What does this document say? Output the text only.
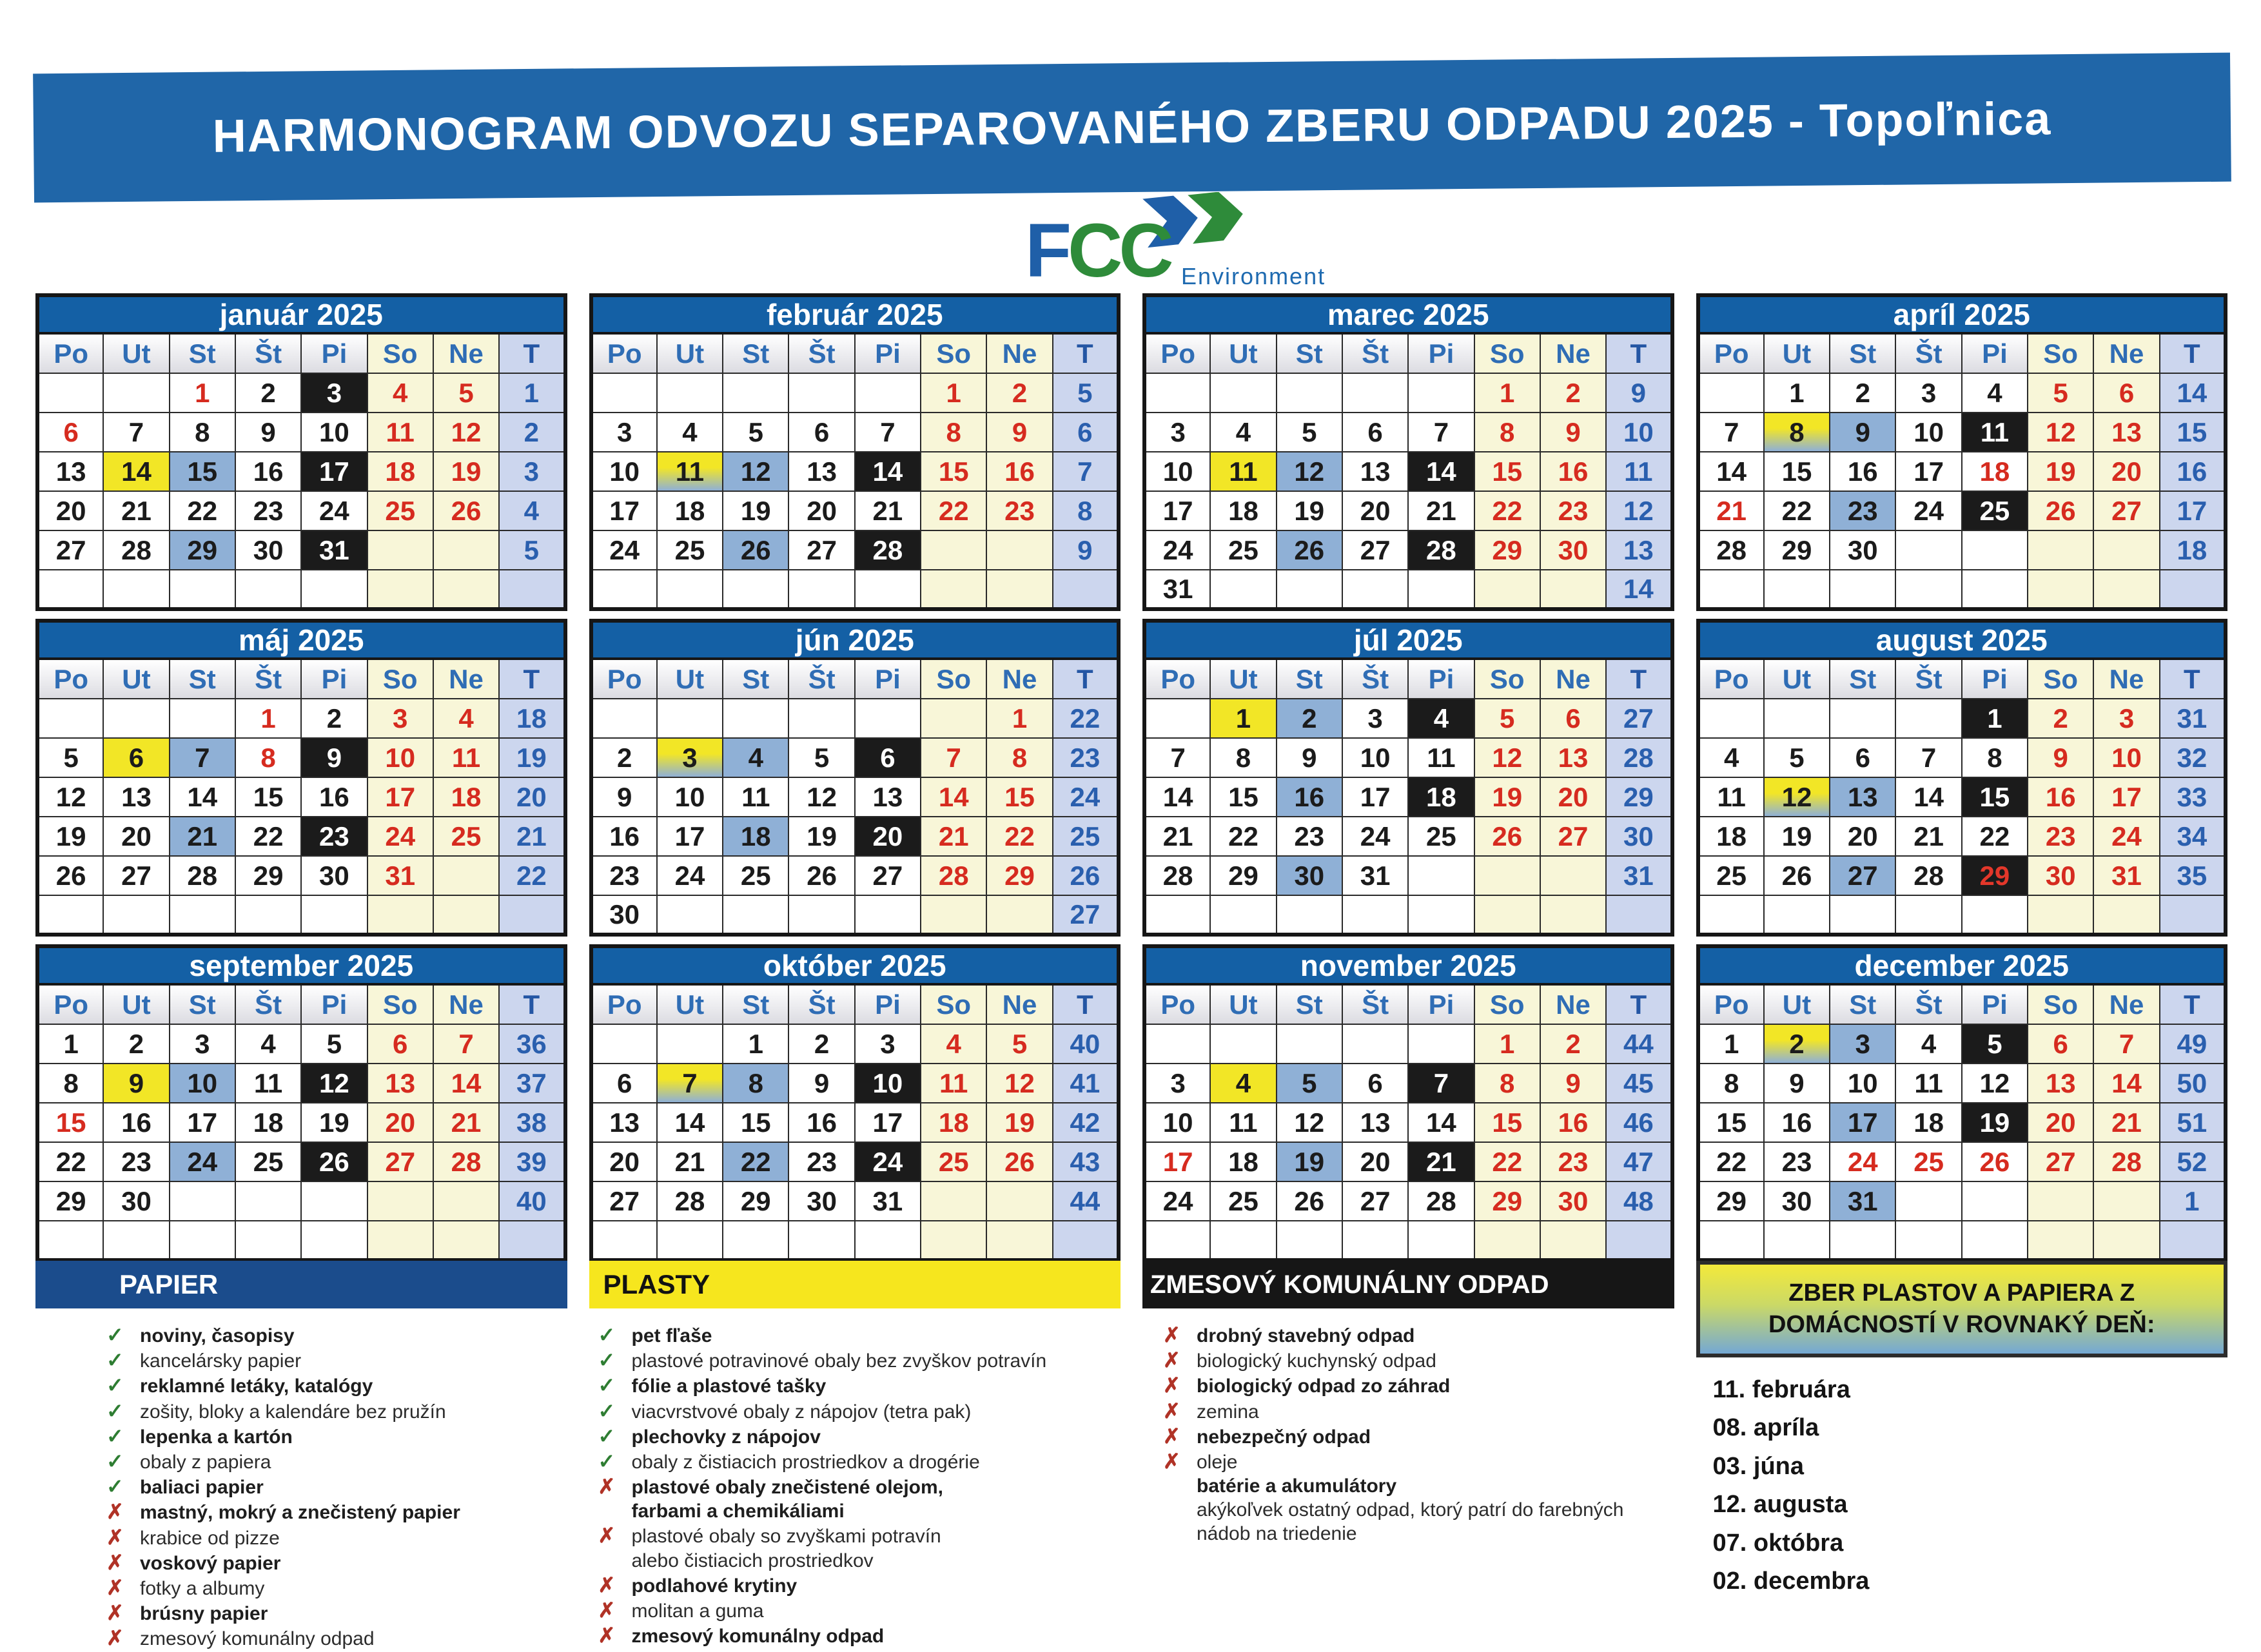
HARMONOGRAM ODVOZU SEPAROVANÉHO ZBERU ODPADU 2025 - Topoľnica
FCC Environment
január 2025							
Po	Ut	St	Št	Pi	So	Ne	T
		1	2	3	4	5	1
6	7	8	9	10	11	12	2
13	14	15	16	17	18	19	3
20	21	22	23	24	25	26	4
27	28	29	30	31			5

február 2025							
Po	Ut	St	Št	Pi	So	Ne	T
					1	2	5
3	4	5	6	7	8	9	6
10	11	12	13	14	15	16	7
17	18	19	20	21	22	23	8
24	25	26	27	28			9

marec 2025							
Po	Ut	St	Št	Pi	So	Ne	T
					1	2	9
3	4	5	6	7	8	9	10
10	11	12	13	14	15	16	11
17	18	19	20	21	22	23	12
24	25	26	27	28	29	30	13
31							14
apríl 2025							
Po	Ut	St	Št	Pi	So	Ne	T
	1	2	3	4	5	6	14
7	8	9	10	11	12	13	15
14	15	16	17	18	19	20	16
21	22	23	24	25	26	27	17
28	29	30					18

máj 2025							
Po	Ut	St	Št	Pi	So	Ne	T
			1	2	3	4	18
5	6	7	8	9	10	11	19
12	13	14	15	16	17	18	20
19	20	21	22	23	24	25	21
26	27	28	29	30	31		22

jún 2025							
Po	Ut	St	Št	Pi	So	Ne	T
						1	22
2	3	4	5	6	7	8	23
9	10	11	12	13	14	15	24
16	17	18	19	20	21	22	25
23	24	25	26	27	28	29	26
30							27
júl 2025							
Po	Ut	St	Št	Pi	So	Ne	T
	1	2	3	4	5	6	27
7	8	9	10	11	12	13	28
14	15	16	17	18	19	20	29
21	22	23	24	25	26	27	30
28	29	30	31				31

august 2025							
Po	Ut	St	Št	Pi	So	Ne	T
				1	2	3	31
4	5	6	7	8	9	10	32
11	12	13	14	15	16	17	33
18	19	20	21	22	23	24	34
25	26	27	28	29	30	31	35

september 2025							
Po	Ut	St	Št	Pi	So	Ne	T
1	2	3	4	5	6	7	36
8	9	10	11	12	13	14	37
15	16	17	18	19	20	21	38
22	23	24	25	26	27	28	39
29	30						40

október 2025							
Po	Ut	St	Št	Pi	So	Ne	T
		1	2	3	4	5	40
6	7	8	9	10	11	12	41
13	14	15	16	17	18	19	42
20	21	22	23	24	25	26	43
27	28	29	30	31			44

november 2025							
Po	Ut	St	Št	Pi	So	Ne	T
					1	2	44
3	4	5	6	7	8	9	45
10	11	12	13	14	15	16	46
17	18	19	20	21	22	23	47
24	25	26	27	28	29	30	48

december 2025							
Po	Ut	St	Št	Pi	So	Ne	T
1	2	3	4	5	6	7	49
8	9	10	11	12	13	14	50
15	16	17	18	19	20	21	51
22	23	24	25	26	27	28	52
29	30	31					1

PAPIER
✓ noviny, časopisy
✓ kancelársky papier
✓ reklamné letáky, katalógy
✓ zošity, bloky a kalendáre bez pružín
✓ lepenka a kartón
✓ obaly z papiera
✓ baliaci papier
✗ mastný, mokrý a znečistený papier
✗ krabice od pizze
✗ voskový papier
✗ fotky a albumy
✗ brúsny papier
✗ zmesový komunálny odpad
PLASTY
✓ pet fľaše
✓ plastové potravinové obaly bez zvyškov potravín
✓ fólie a plastové tašky
✓ viacvrstvové obaly z nápojov (tetra pak)
✓ plechovky z nápojov
✓ obaly z čistiacich prostriedkov a drogérie
✗ plastové obaly znečistené olejom,
farbami a chemikáliami
✗ plastové obaly so zvyškami potravín
alebo čistiacich prostriedkov
✗ podlahové krytiny
✗ molitan a guma
✗ zmesový komunálny odpad
ZMESOVÝ KOMUNÁLNY ODPAD
✗ drobný stavebný odpad
✗ biologický kuchynský odpad
✗ biologický odpad zo záhrad
✗ zemina
✗ nebezpečný odpad
✗ oleje
batérie a akumulátory
akýkoľvek ostatný odpad, ktorý patrí do farebných
nádob na triedenie
ZBER PLASTOV A PAPIERA Z DOMÁCNOSTÍ V ROVNAKÝ DEŇ:
11. februára
08. apríla
03. júna
12. augusta
07. októbra
02. decembra
